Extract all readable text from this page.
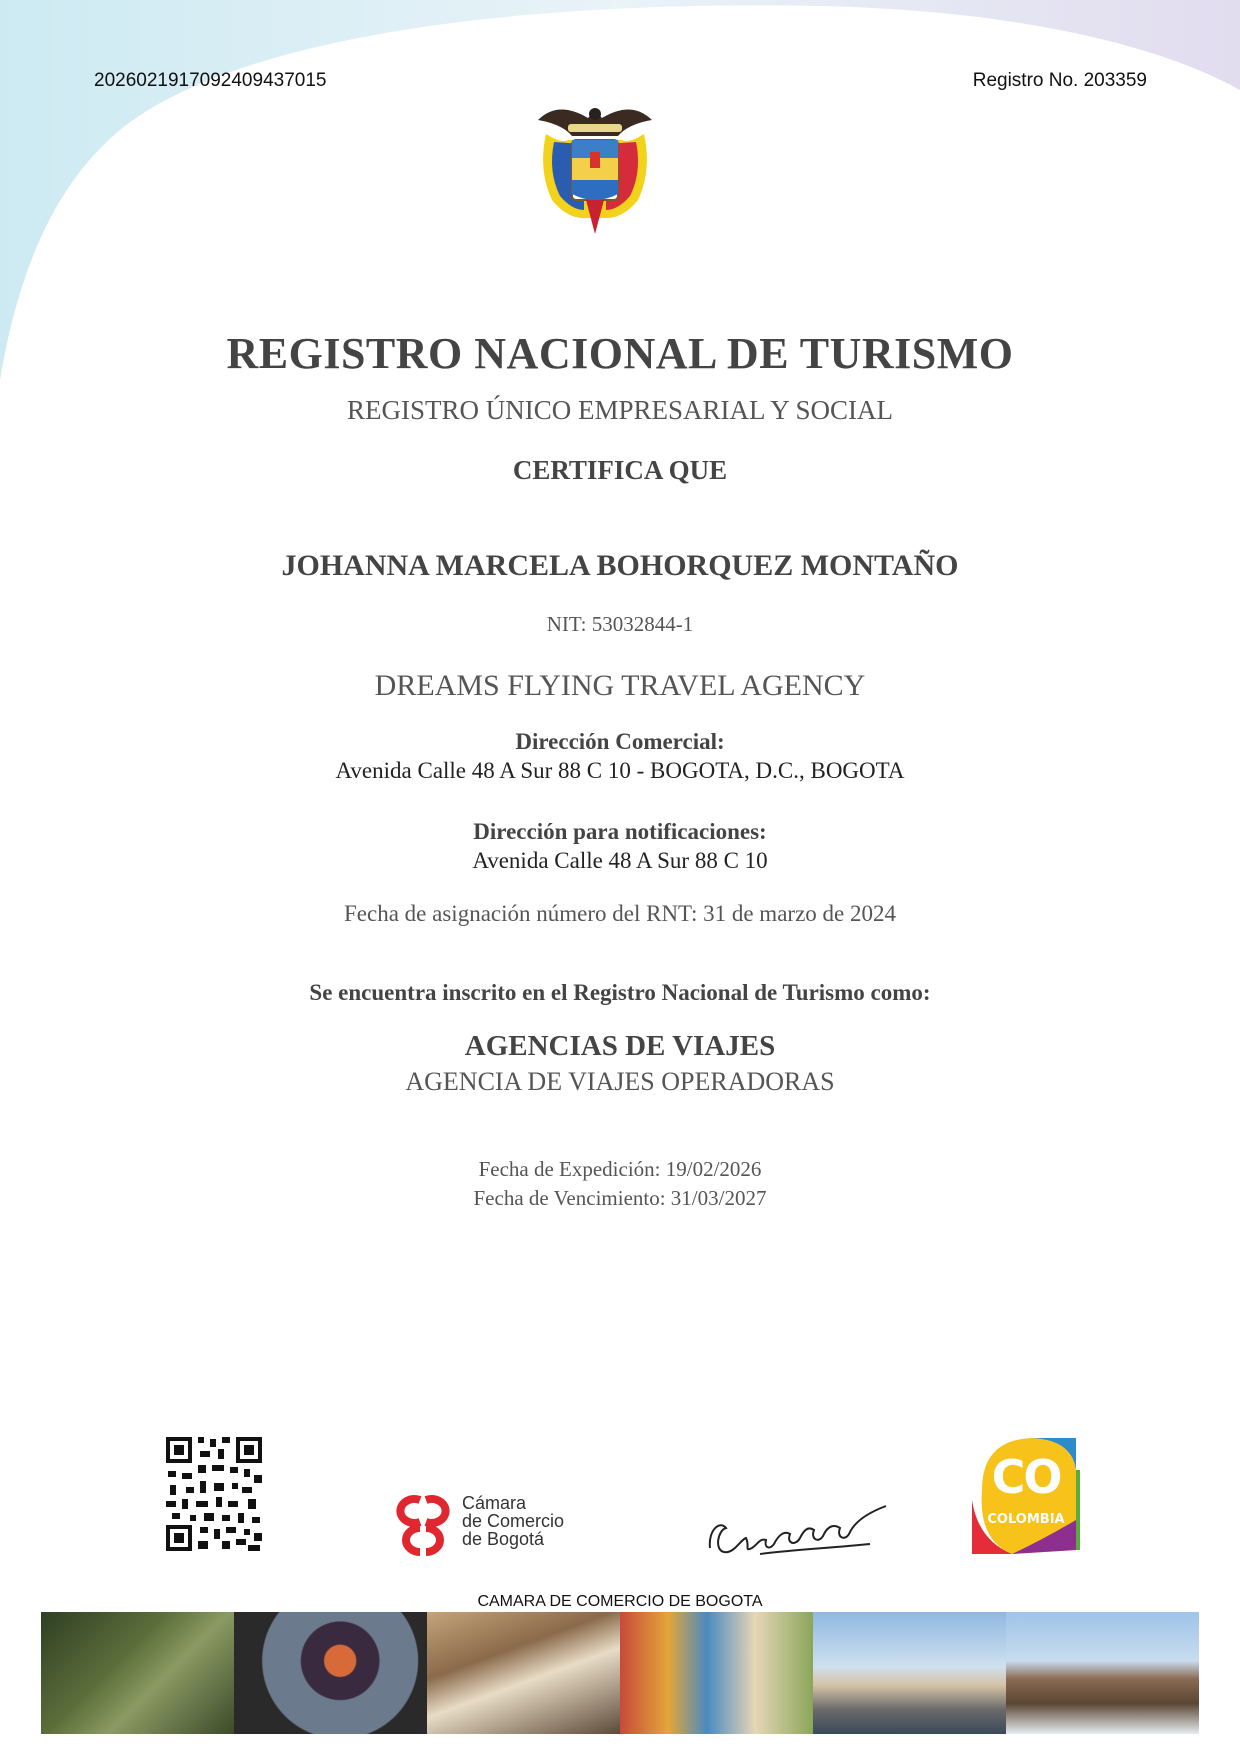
20260219170924094370​15	Registro No. 203359
REGISTRO NACIONAL DE TURISMO
REGISTRO ÚNICO EMPRESARIAL Y SOCIAL
CERTIFICA QUE
JOHANNA MARCELA BOHORQUEZ MONTAÑO
NIT: 53032844-1
DREAMS FLYING TRAVEL AGENCY
Dirección Comercial:
Avenida Calle 48 A Sur 88 C 10 - BOGOTA, D.C., BOGOTA
Dirección para notificaciones:
Avenida Calle 48 A Sur 88 C 10
Fecha de asignación número del RNT: 31 de marzo de 2024
Se encuentra inscrito en el Registro Nacional de Turismo como:
AGENCIAS DE VIAJES
AGENCIA DE VIAJES OPERADORAS
Fecha de Expedición: 19/02/2026
Fecha de Vencimiento: 31/03/2027
Cámara
de Comercio
de Bogotá
CO
COLOMBIA
CAMARA DE COMERCIO DE BOGOTA
